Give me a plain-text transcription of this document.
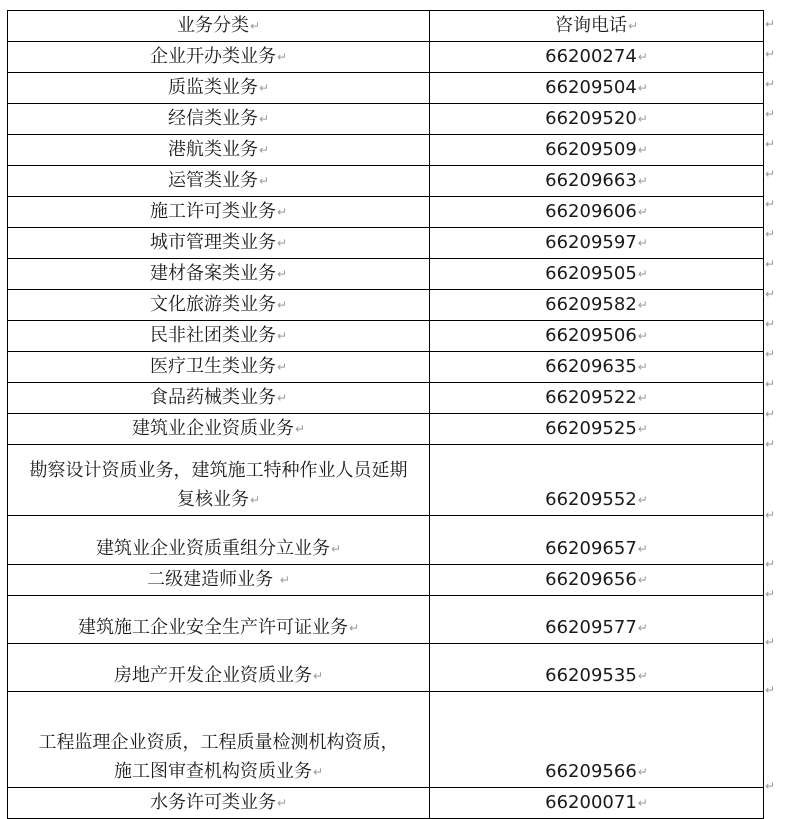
业务分类↵	咨询电话↵
企业开办类业务↵	66200274↵
质监类业务↵	66209504↵
经信类业务↵	66209520↵
港航类业务↵	66209509↵
运管类业务↵	66209663↵
施工许可类业务↵	66209606↵
城市管理类业务↵	66209597↵
建材备案类业务↵	66209505↵
文化旅游类业务↵	66209582↵
民非社团类业务↵	66209506↵
医疗卫生类业务↵	66209635↵
食品药械类业务↵	66209522↵
建筑业企业资质业务↵	66209525↵
勘察设计资质业务，建筑施工特种作业人员延期复核业务↵	66209552↵
建筑业企业资质重组分立业务↵	66209657↵
二级建造师业务 ↵	66209656↵
建筑施工企业安全生产许可证业务↵	66209577↵
房地产开发企业资质业务↵	66209535↵
工程监理企业资质，工程质量检测机构资质，施工图审查机构资质业务↵	66209566↵
水务许可类业务↵	66200071↵
↵
↵
↵
↵
↵
↵
↵
↵
↵
↵
↵
↵
↵
↵
↵
↵
↵
↵
↵
↵
↵
